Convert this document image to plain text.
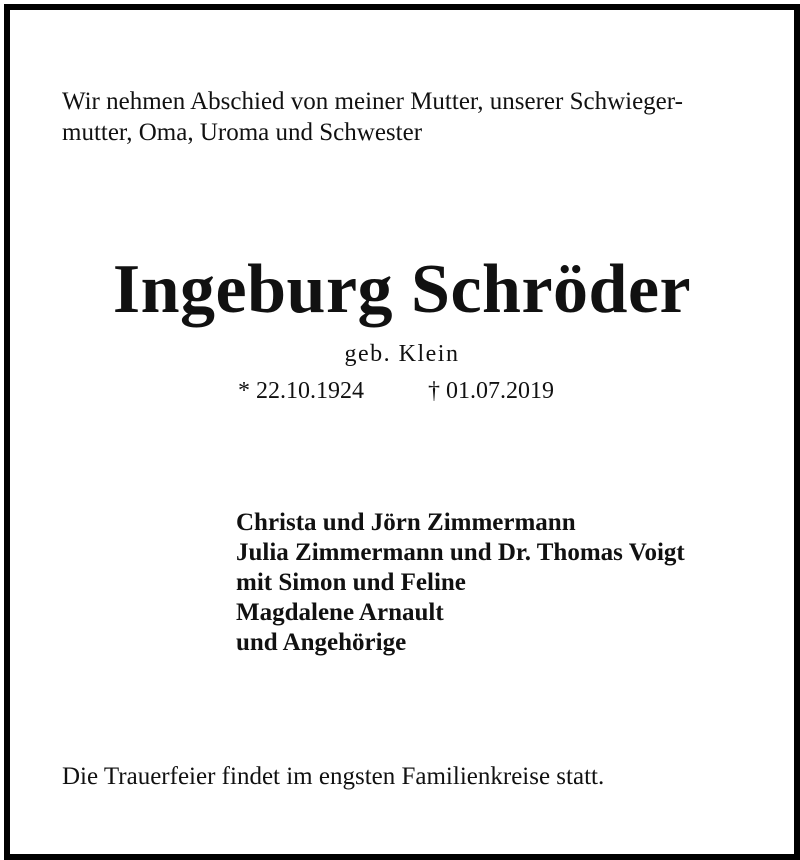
Wir nehmen Abschied von meiner Mutter, unserer Schwieger-
mutter, Oma, Uroma und Schwester
Ingeburg Schröder
geb. Klein
* 22.10.1924	† 01.07.2019
Christa und Jörn Zimmermann
Julia Zimmermann und Dr. Thomas Voigt
mit Simon und Feline
Magdalene Arnault
und Angehörige
Die Trauerfeier findet im engsten Familienkreise statt.
